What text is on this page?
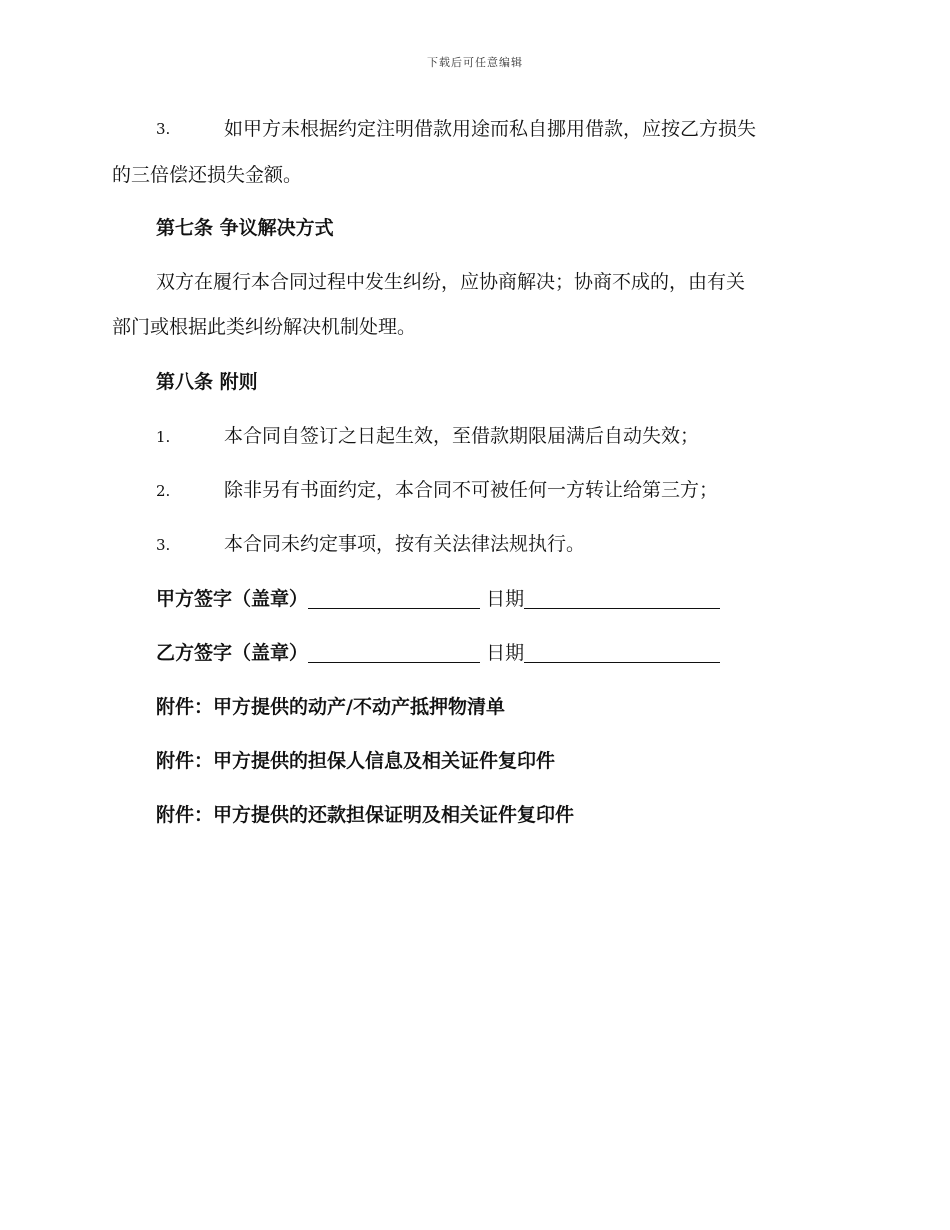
下载后可任意编辑
3.	如甲方未根据约定注明借款用途而私自挪用借款，应按乙方损失
的三倍偿还损失金额。
第七条 争议解决方式
双方在履行本合同过程中发生纠纷，应协商解决；协商不成的，由有关
部门或根据此类纠纷解决机制处理。
第八条 附则
1.	本合同自签订之日起生效，至借款期限届满后自动失效；
2.	除非另有书面约定，本合同不可被任何一方转让给第三方；
3.	本合同未约定事项，按有关法律法规执行。
甲方签字（盖章）	日期
乙方签字（盖章）	日期
附件：甲方提供的动产/不动产抵押物清单
附件：甲方提供的担保人信息及相关证件复印件
附件：甲方提供的还款担保证明及相关证件复印件
